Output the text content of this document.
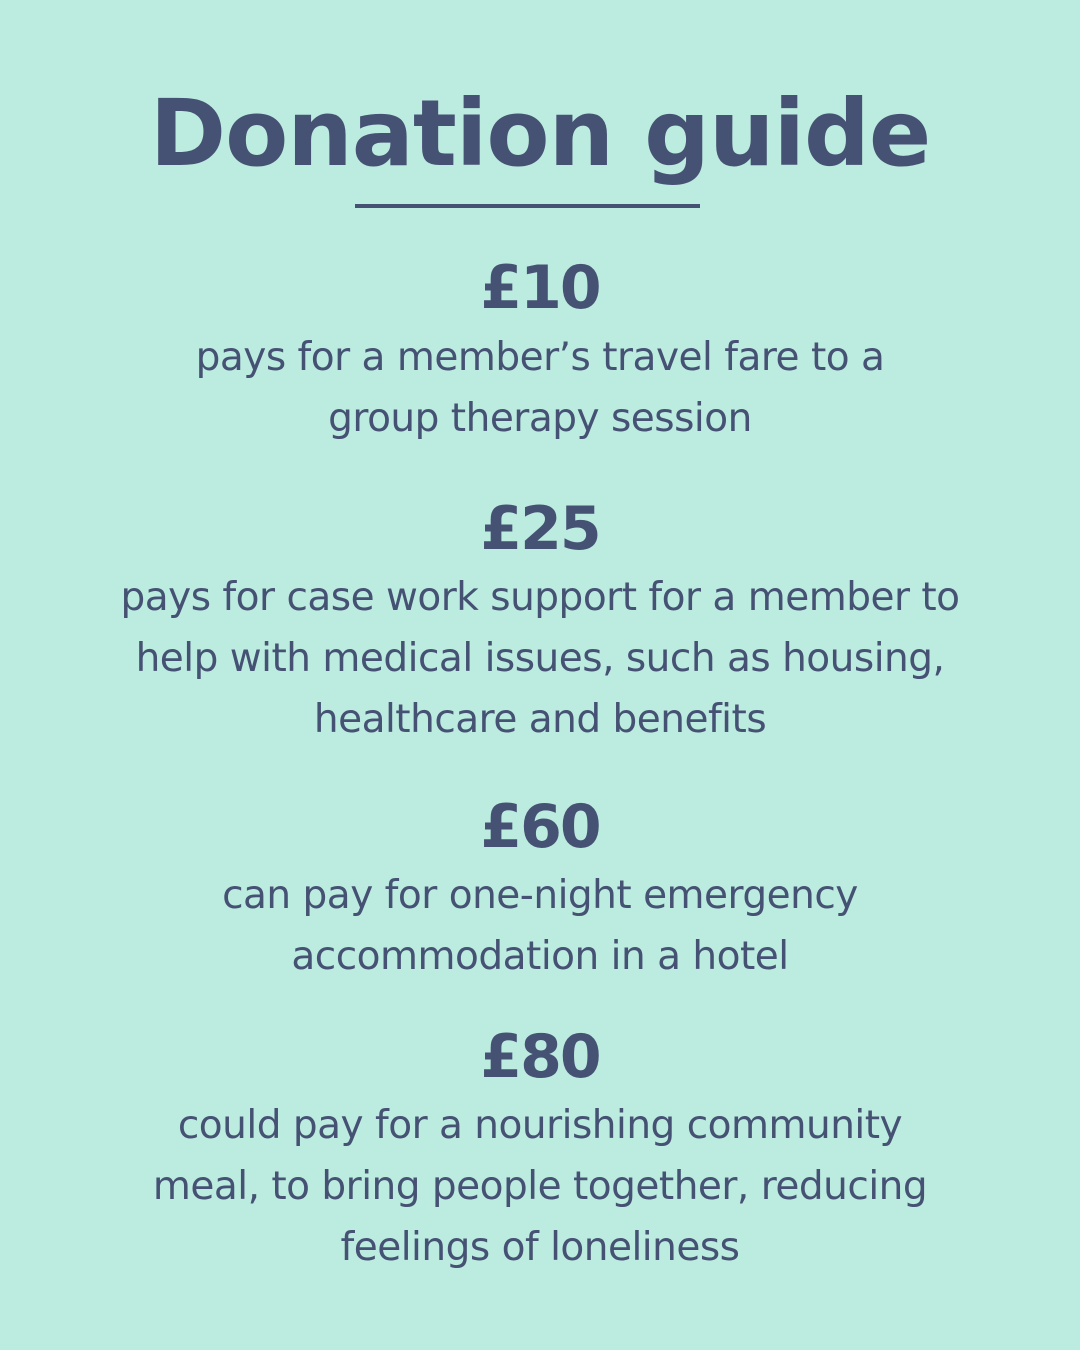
Donation guide
£10
pays for a member’s travel fare to a
group therapy session
£25
pays for case work support for a member to
help with medical issues, such as housing,
healthcare and benefits
£60
can pay for one-night emergency
accommodation in a hotel
£80
could pay for a nourishing community
meal, to bring people together, reducing
feelings of loneliness
